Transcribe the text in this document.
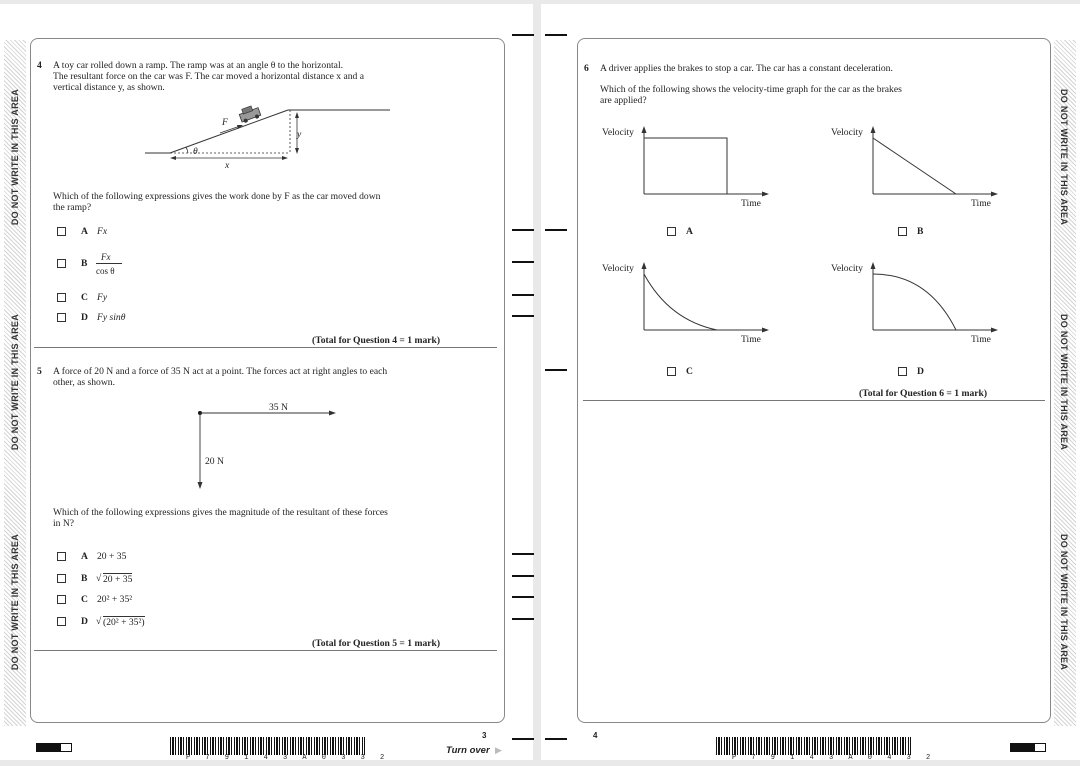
DO NOT WRITE IN THIS AREA
DO NOT WRITE IN THIS AREA
DO NOT WRITE IN THIS AREA
4 A toy car rolled down a ramp. The ramp was at an angle θ to the horizontal.
The resultant force on the car was F. The car moved a horizontal distance x and a
vertical distance y, as shown.
F
θ
y
x
Which of the following expressions gives the work done by F as the car moved down
the ramp?
A Fx
B
Fx
cos θ
C Fy
D Fy sinθ
(Total for Question 4 = 1 mark)
5 A force of 20 N and a force of 35 N act at a point. The forces act at right angles to each
other, as shown.
35 N
20 N
Which of the following expressions gives the magnitude of the resultant of these forces
in N?
A 20 + 35
B √ 20 + 35
C 20² + 35²
D √ (20² + 35²)
(Total for Question 5 = 1 mark)
P 7 9 1 4 3 A 0 3 3 2
3
Turn over ▶
DO NOT WRITE IN THIS AREA
DO NOT WRITE IN THIS AREA
DO NOT WRITE IN THIS AREA
6 A driver applies the brakes to stop a car. The car has a constant deceleration.
Which of the following shows the velocity-time graph for the car as the brakes
are applied?
Velocity
Time
A
Velocity
Time
B
Velocity
Time
C
Velocity
Time
D
(Total for Question 6 = 1 mark)
4
P 7 9 1 4 3 A 0 4 3 2
